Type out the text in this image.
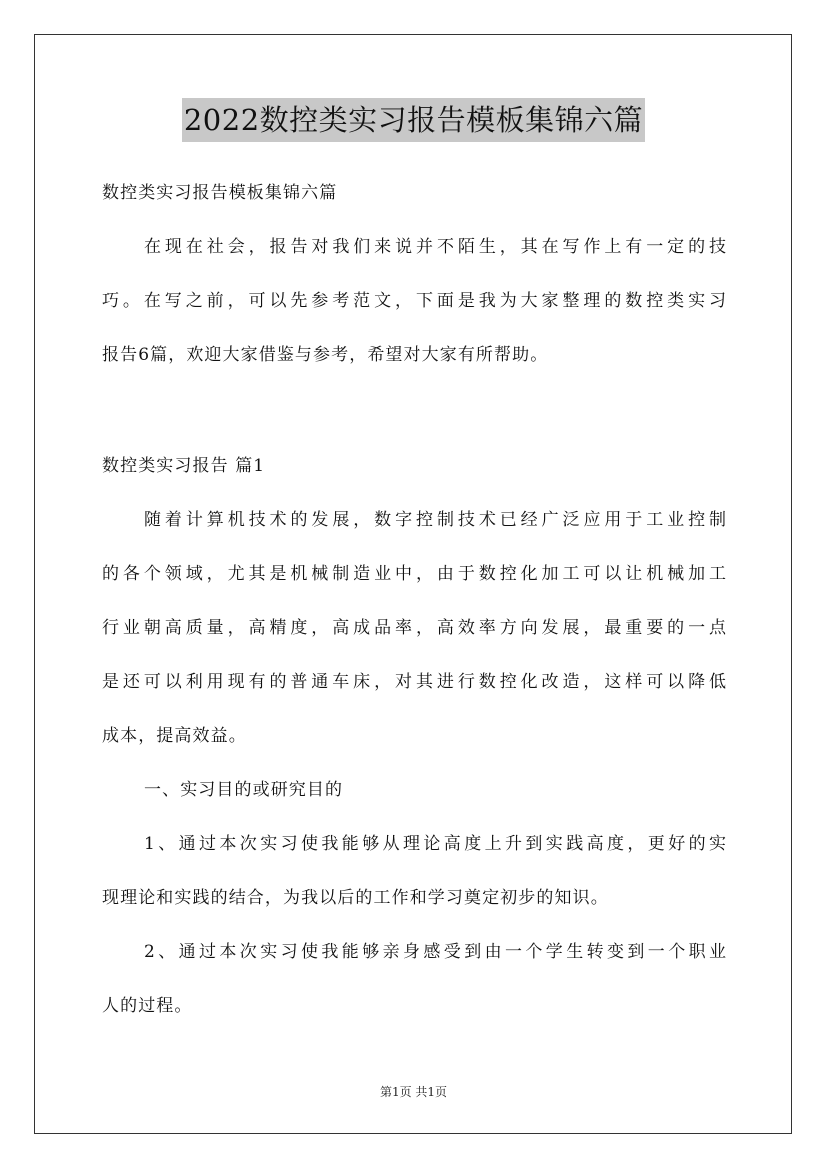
2022数控类实习报告模板集锦六篇
数控类实习报告模板集锦六篇
在现在社会，报告对我们来说并不陌生，其在写作上有一定的技
巧。在写之前，可以先参考范文，下面是我为大家整理的数控类实习
报告6篇，欢迎大家借鉴与参考，希望对大家有所帮助。
数控类实习报告 篇1
随着计算机技术的发展，数字控制技术已经广泛应用于工业控制
的各个领域，尤其是机械制造业中，由于数控化加工可以让机械加工
行业朝高质量，高精度，高成品率，高效率方向发展，最重要的一点
是还可以利用现有的普通车床，对其进行数控化改造，这样可以降低
成本，提高效益。
一、实习目的或研究目的
1、通过本次实习使我能够从理论高度上升到实践高度，更好的实
现理论和实践的结合，为我以后的工作和学习奠定初步的知识。
2、通过本次实习使我能够亲身感受到由一个学生转变到一个职业
人的过程。
第1页 共1页
